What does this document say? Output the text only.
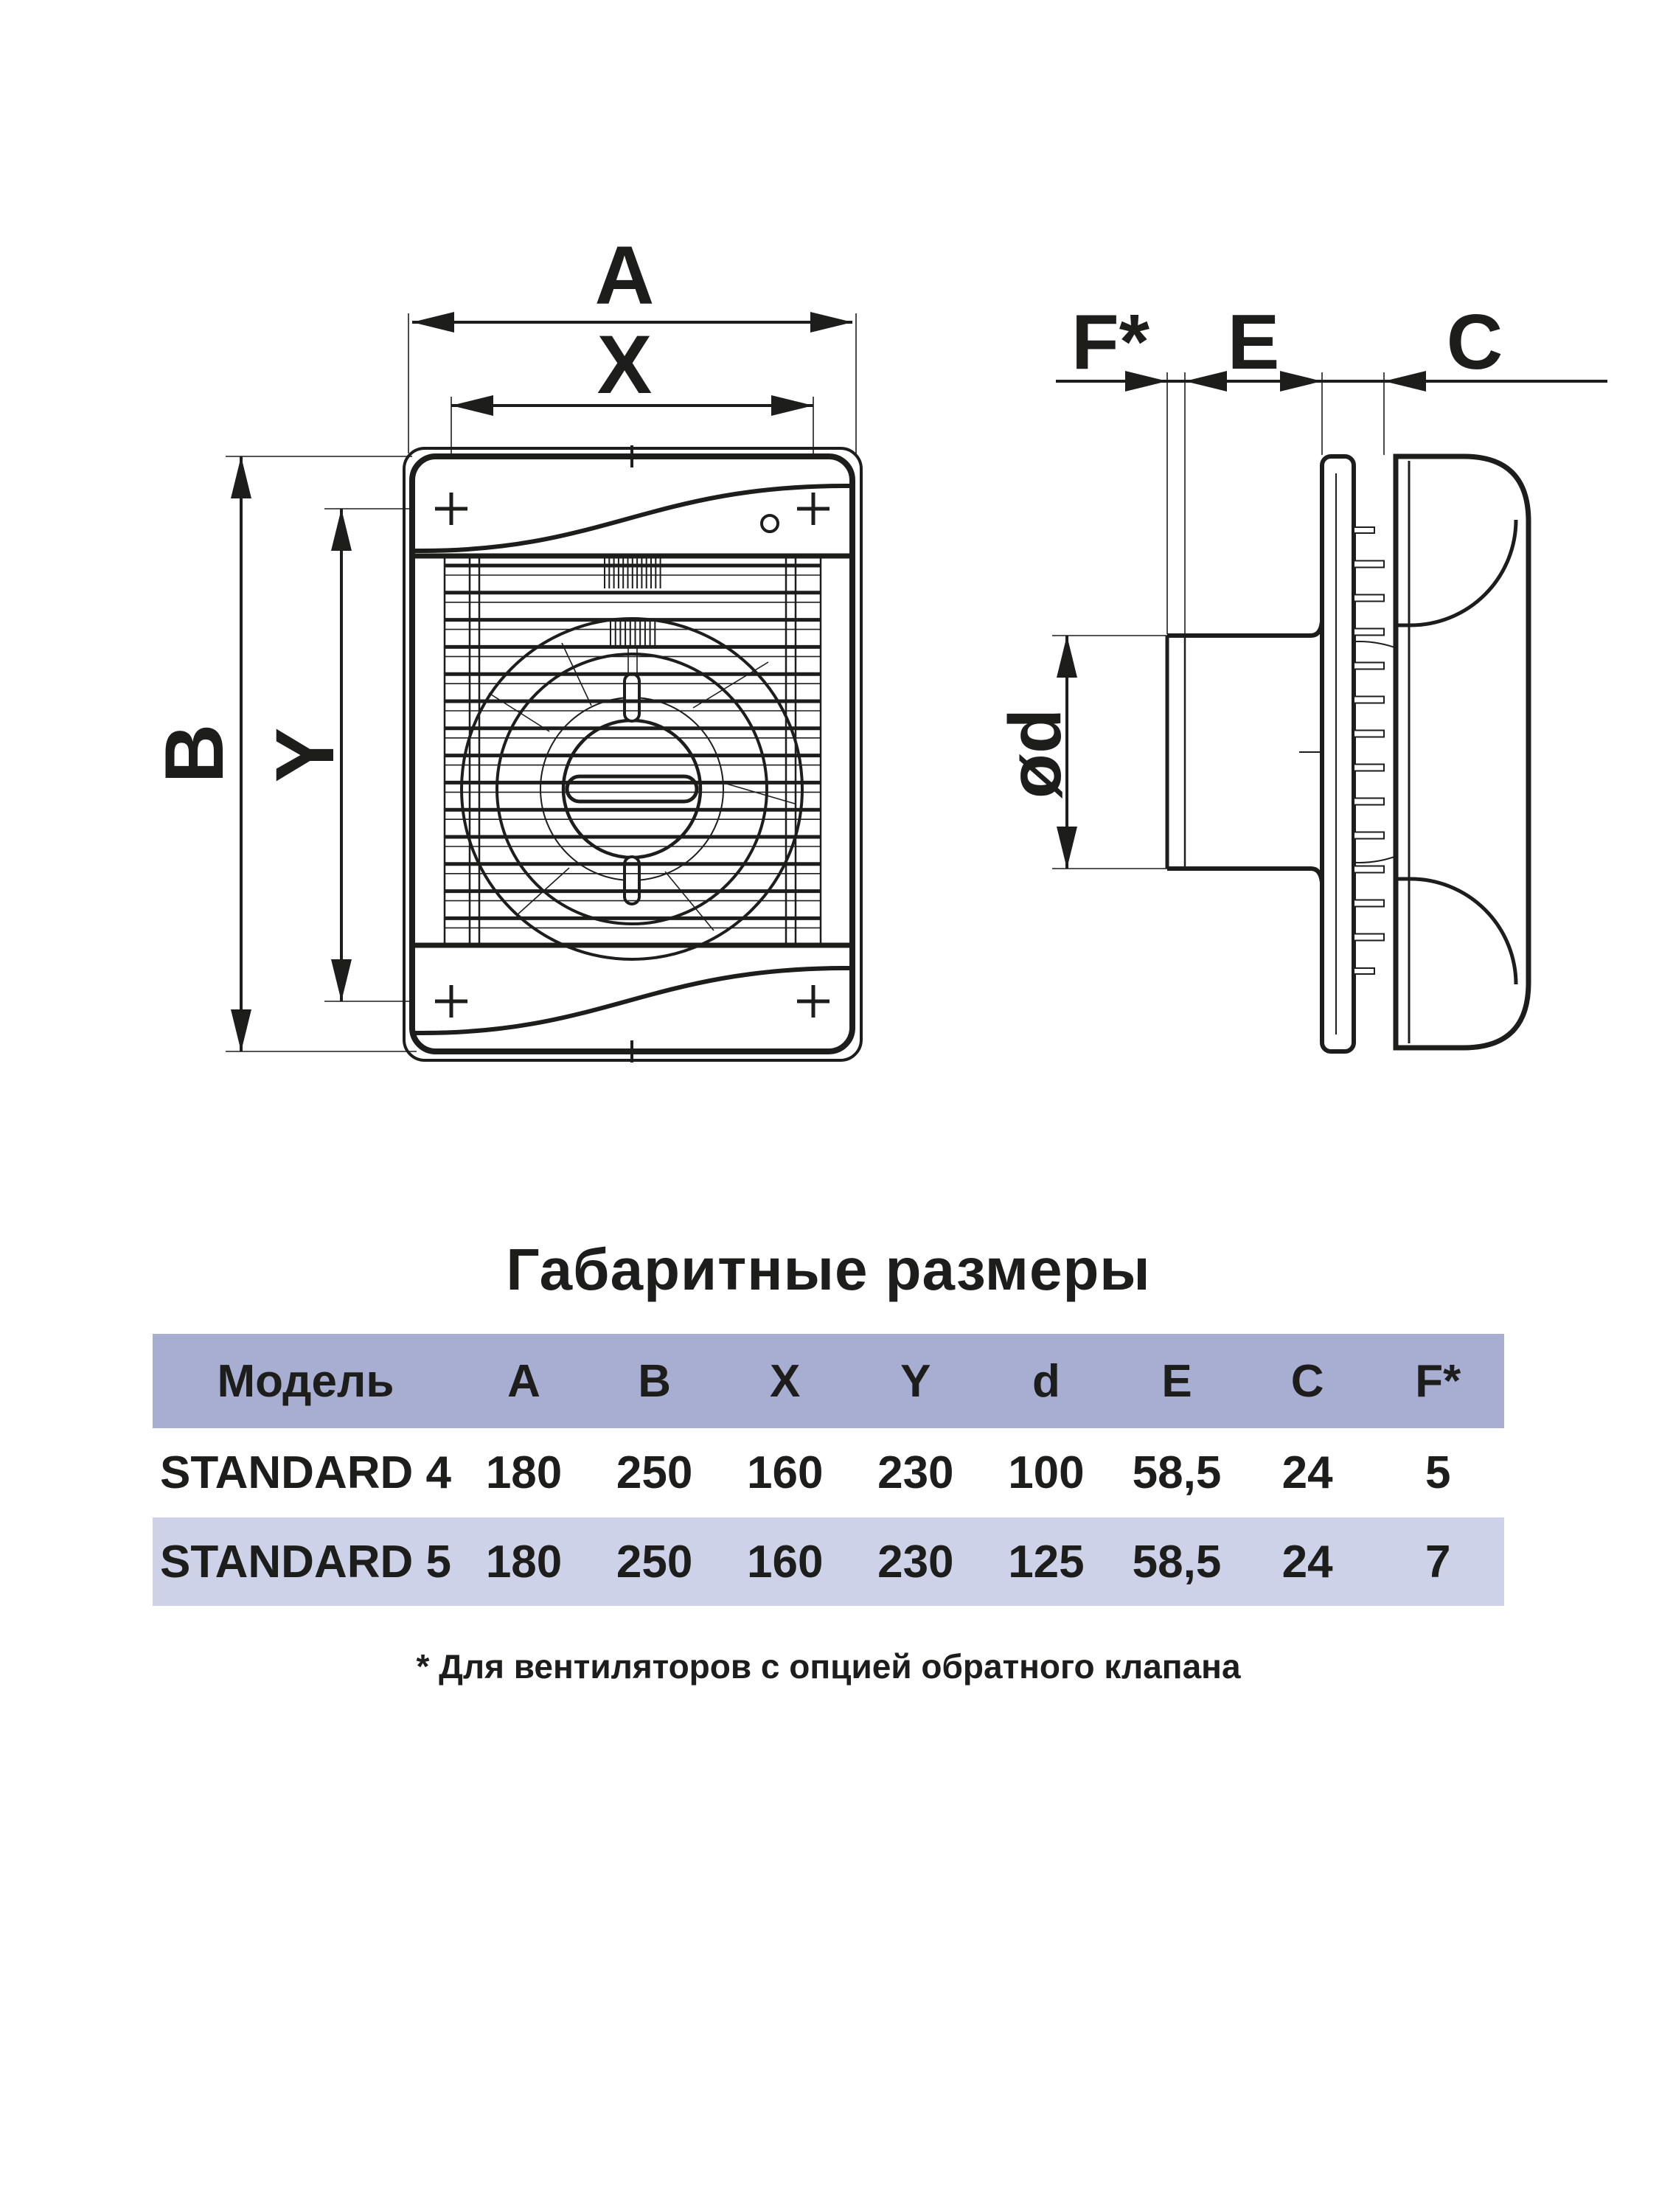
A
X
B Y
F* E C
ød
Габаритные размеры
Модель	A	B	X	Y	d	E	C	F*
STANDARD 4 180	250	160	230	100	58,5	24	5
STANDARD 5 180	250	160	230	125	58,5	24	7
* Для вентиляторов с опцией обратного клапана
